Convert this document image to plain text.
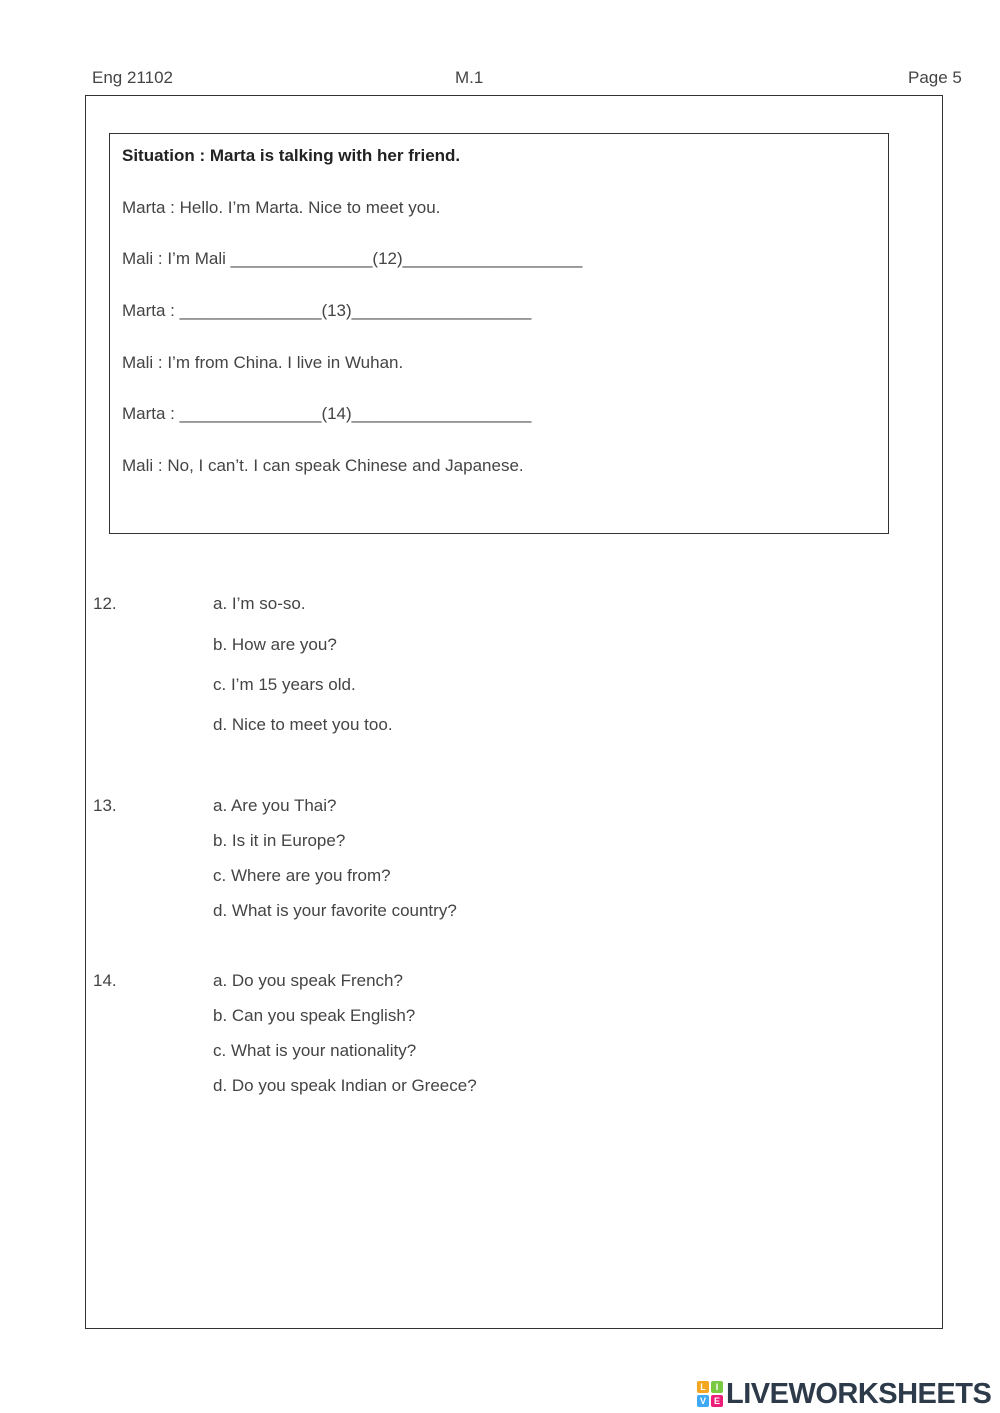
Eng 21102	M.1	Page 5
Situation : Marta is talking with her friend.
Marta : Hello. I’m Marta. Nice to meet you.
Mali : I’m Mali _______________(12)___________________
Marta : _______________(13)___________________
Mali : I’m from China. I live in Wuhan.
Marta : _______________(14)___________________
Mali : No, I can’t. I can speak Chinese and Japanese.
12.	a. I’m so-so.
b. How are you?
c. I’m 15 years old.
d. Nice to meet you too.
13.	a. Are you Thai?
b. Is it in Europe?
c. Where are you from?
d. What is your favorite country?
14.	a. Do you speak French?
b. Can you speak English?
c. What is your nationality?
d. Do you speak Indian or Greece?
L	I
V E LIVEWORKSHEETS
